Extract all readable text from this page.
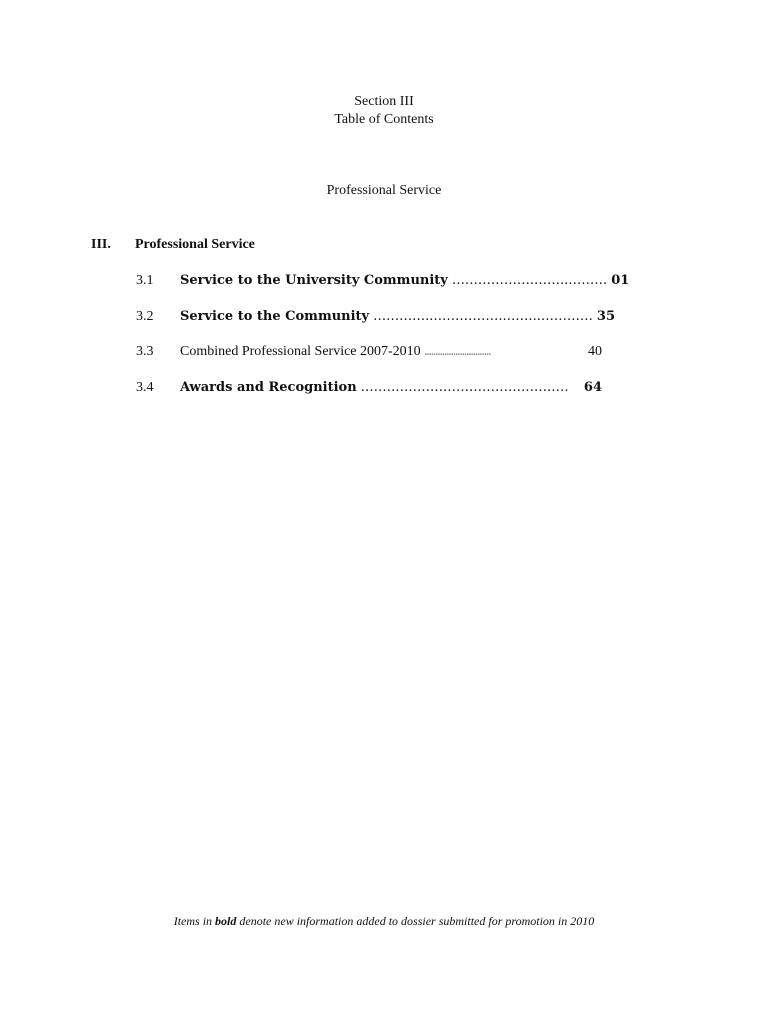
Section III
Table of Contents
Professional Service
III. Professional Service
3.1	Service to the University Community ……………….……..……… 01
3.2	Service to the Community …………..……………..……..………… 35
3.3	Combined Professional Service 2007-2010 …………………………	40
3.4	Awards and Recognition …………………………………………	64
Items in bold denote new information added to dossier submitted for promotion in 2010
